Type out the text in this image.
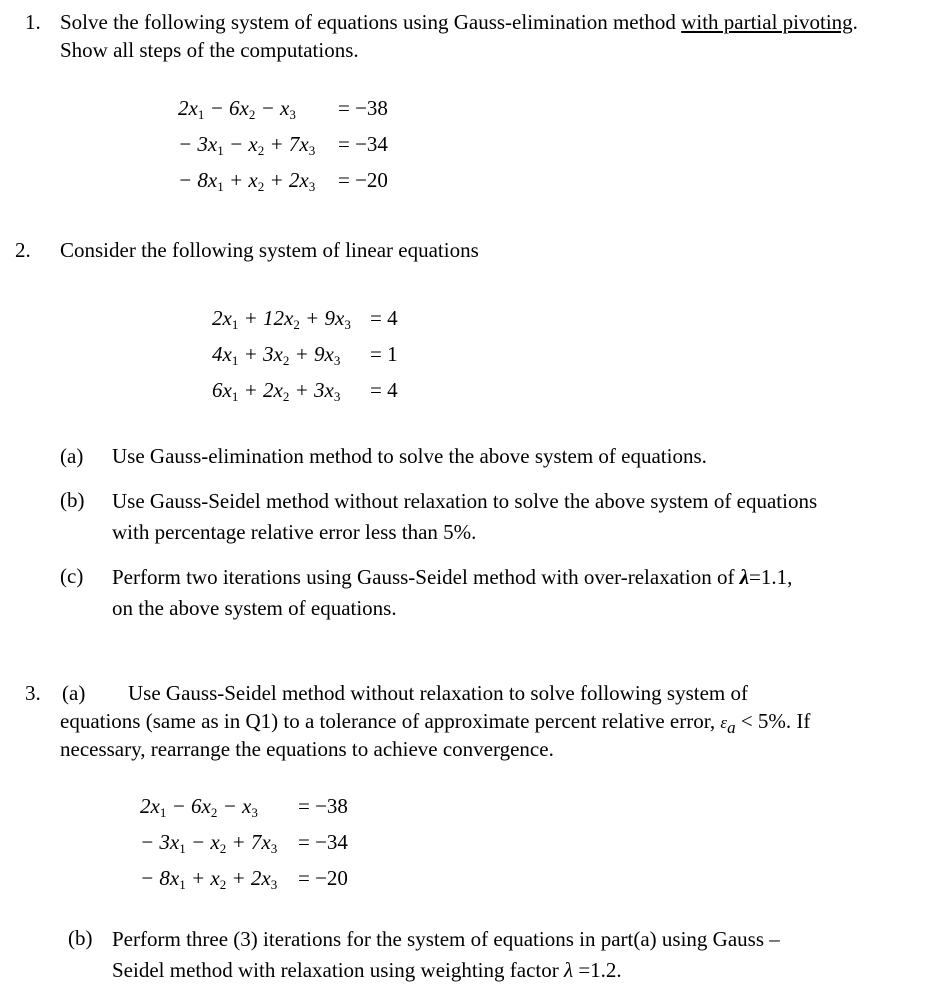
1. Solve the following system of equations using Gauss-elimination method with partial pivoting. Show all steps of the computations.
$2x_1 - 6x_2 - x_3 = -38$
− $3x_1 - x_2 + 7x_3 = -34$
− $8x_1 + x_2 + 2x_3 = -20$
2. Consider the following system of linear equations
$2x_1 + 12x_2 + 9x_3 = 4$
$4x_1 + 3x_2 + 9x_3 = 1$
$6x_1 + 2x_2 + 3x_3 = 4$
(a) Use Gauss-elimination method to solve the above system of equations.
(b) Use Gauss-Seidel method without relaxation to solve the above system of equations
with percentage relative error less than 5%.
(c) Perform two iterations using Gauss-Seidel method with over-relaxation of λ=1.1,
on the above system of equations.
3. (a) Use Gauss-Seidel method without relaxation to solve following system of
equations (same as in Q1) to a tolerance of approximate percent relative error, $\varepsilon_a < 5\%$. If
necessary, rearrange the equations to achieve convergence.
$2x_1 - 6x_2 - x_3 = -38$
− $3x_1 - x_2 + 7x_3 = -34$
− $8x_1 + x_2 + 2x_3 = -20$
(b) Perform three (3) iterations for the system of equations in part(a) using Gauss –
Seidel method with relaxation using weighting factor λ =1.2.
